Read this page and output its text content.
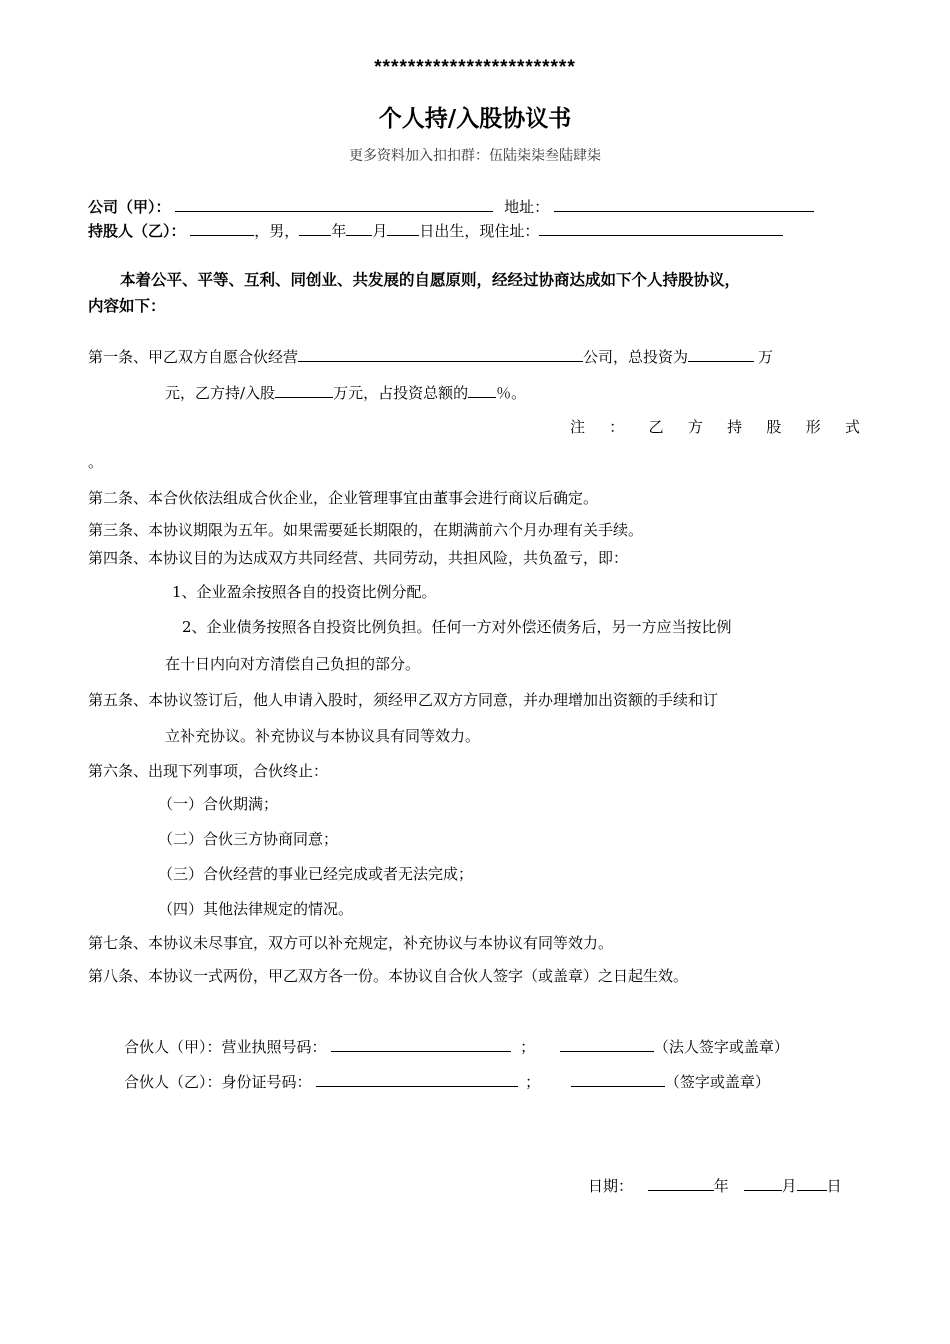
************************
个人持/入股协议书
更多资料加入扣扣群：伍陆柒柒叁陆肆柒
公司（甲）：	地址：
持股人（乙）：	，男， 年 月 日出生，现住址：
本着公平、平等、互利、同创业、共发展的自愿原则，经经过协商达成如下个人持股协议，
内容如下：
第一条、甲乙双方自愿合伙经营	公司，总投资为	万
元，乙方持/入股	万元，占投资总额的 ％。
注 ： 乙 方 持 股 形 式
。
第二条、本合伙依法组成合伙企业，企业管理事宜由董事会进行商议后确定。
第三条、本协议期限为五年。如果需要延长期限的，在期满前六个月办理有关手续。
第四条、本协议目的为达成双方共同经营、共同劳动，共担风险，共负盈亏，即：
1、企业盈余按照各自的投资比例分配。
2、企业债务按照各自投资比例负担。任何一方对外偿还债务后，另一方应当按比例
在十日内向对方清偿自己负担的部分。
第五条、本协议签订后，他人申请入股时，须经甲乙双方方同意，并办理增加出资额的手续和订
立补充协议。补充协议与本协议具有同等效力。
第六条、出现下列事项，合伙终止：
（一）合伙期满；
（二）合伙三方协商同意；
（三）合伙经营的事业已经完成或者无法完成；
（四）其他法律规定的情况。
第七条、本协议未尽事宜，双方可以补充规定，补充协议与本协议有同等效力。
第八条、本协议一式两份，甲乙双方各一份。本协议自合伙人签字（或盖章）之日起生效。
合伙人（甲）：营业执照号码：	；	（法人签字或盖章）
合伙人（乙）：身份证号码：	；	（签字或盖章）
日期：	年	月 日
